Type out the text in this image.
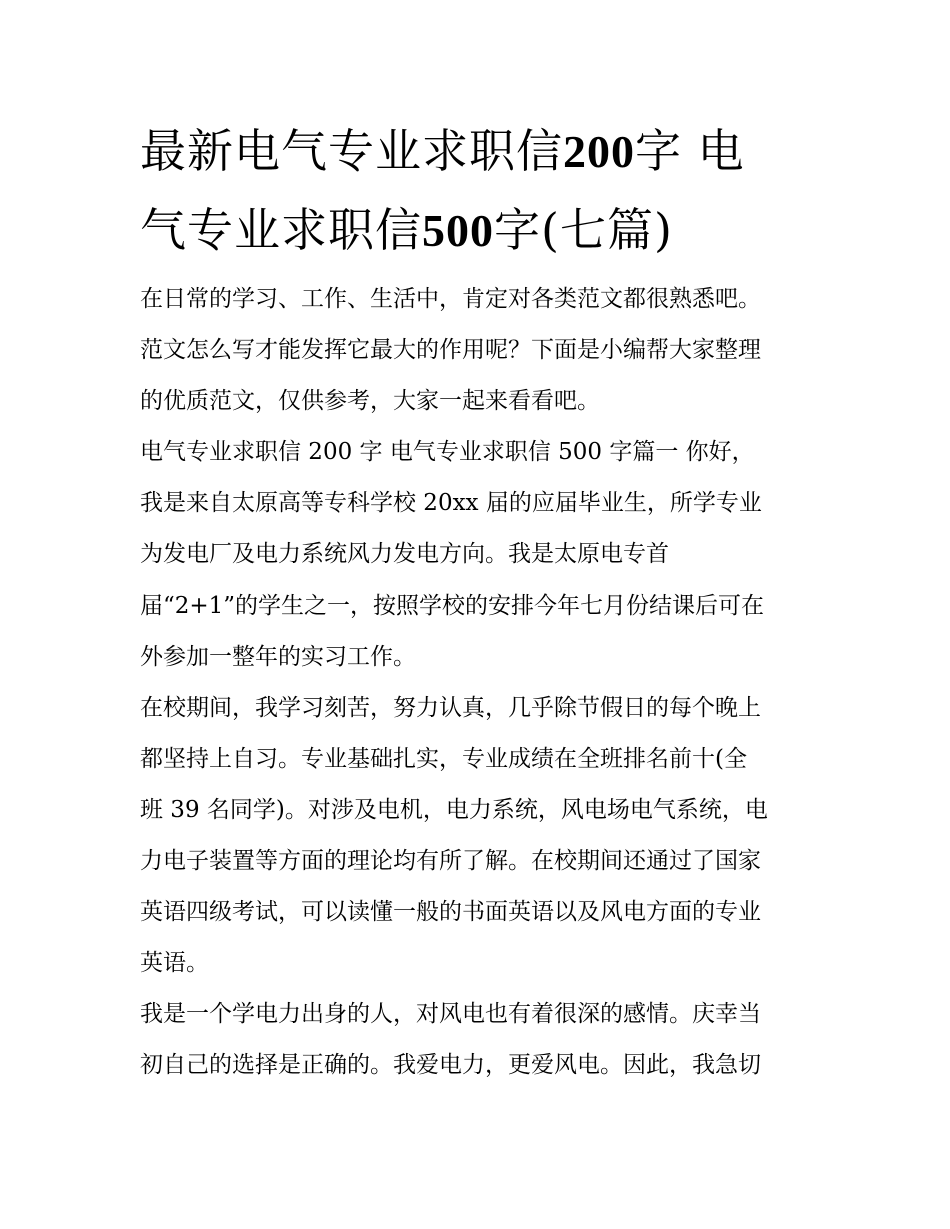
最新电气专业求职信200字 电
气专业求职信500字(七篇)
在日常的学习、工作、生活中，肯定对各类范文都很熟悉吧。
范文怎么写才能发挥它最大的作用呢？下面是小编帮大家整理
的优质范文，仅供参考，大家一起来看看吧。
电气专业求职信 200 字 电气专业求职信 500 字篇一 你好，
我是来自太原高等专科学校 20xx 届的应届毕业生，所学专业
为发电厂及电力系统风力发电方向。我是太原电专首
届“2+1”的学生之一，按照学校的安排今年七月份结课后可在
外参加一整年的实习工作。
在校期间，我学习刻苦，努力认真，几乎除节假日的每个晚上
都坚持上自习。专业基础扎实，专业成绩在全班排名前十(全
班 39 名同学)。对涉及电机，电力系统，风电场电气系统，电
力电子装置等方面的理论均有所了解。在校期间还通过了国家
英语四级考试，可以读懂一般的书面英语以及风电方面的专业
英语。
我是一个学电力出身的人，对风电也有着很深的感情。庆幸当
初自己的选择是正确的。我爱电力，更爱风电。因此，我急切
